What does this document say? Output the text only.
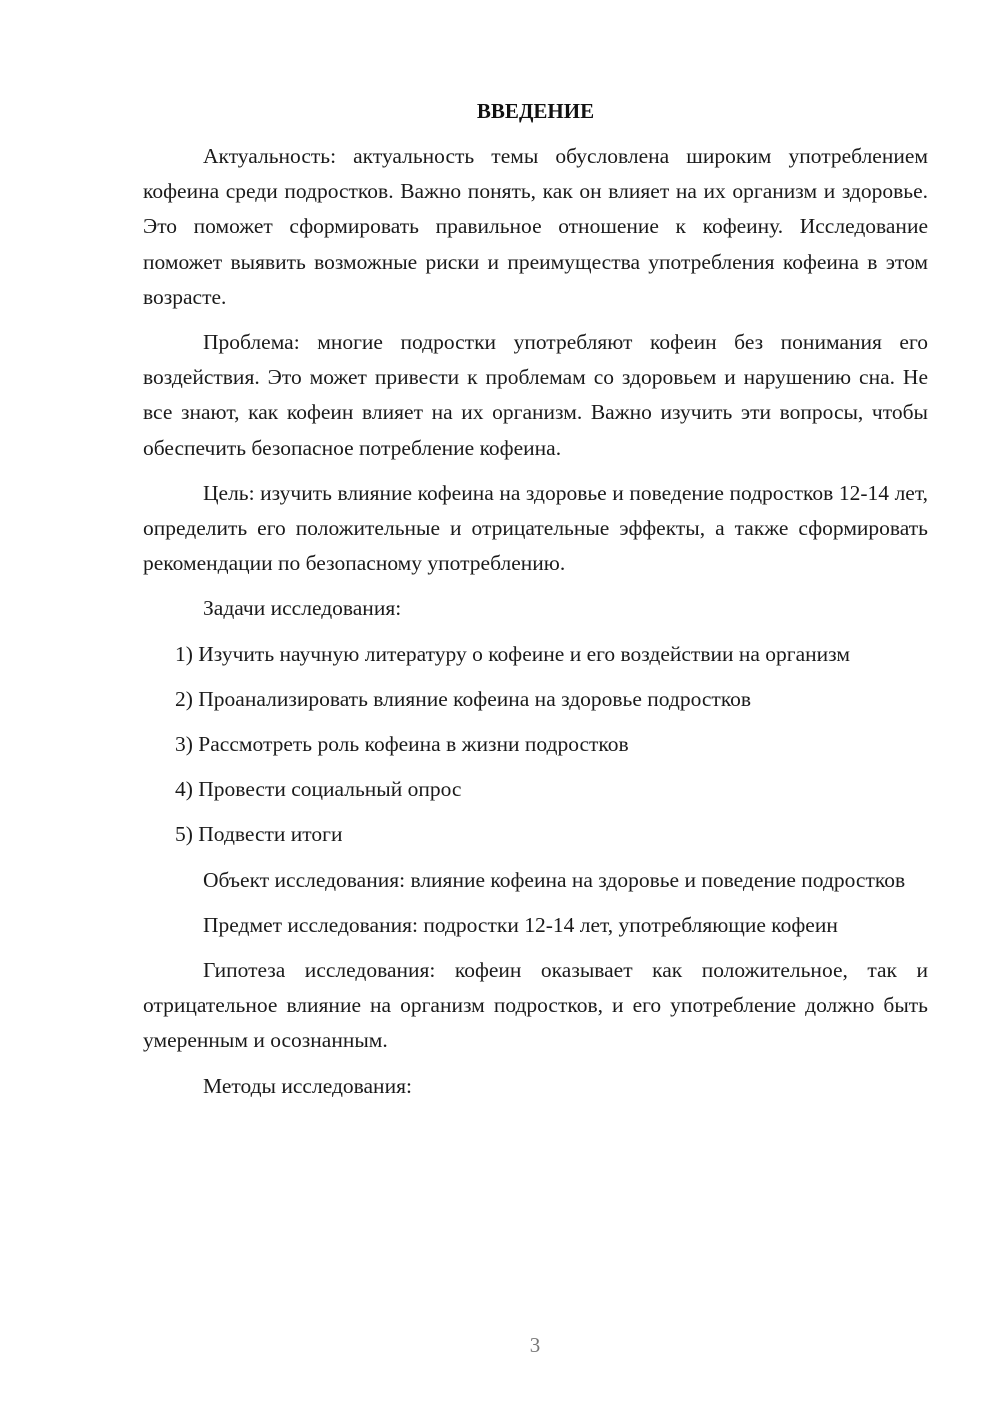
ВВЕДЕНИЕ

Актуальность: актуальность темы обусловлена широким употреблением кофеина среди подростков. Важно понять, как он влияет на их организм и здоровье. Это поможет сформировать правильное отношение к кофеину. Исследование поможет выявить возможные риски и преимущества употребления кофеина в этом возрасте.

Проблема: многие подростки употребляют кофеин без понимания его воздействия. Это может привести к проблемам со здоровьем и нарушению сна. Не все знают, как кофеин влияет на их организм. Важно изучить эти вопросы, чтобы обеспечить безопасное потребление кофеина.

Цель: изучить влияние кофеина на здоровье и поведение подростков 12-14 лет, определить его положительные и отрицательные эффекты, а также сформировать рекомендации по безопасному употреблению.

Задачи исследования:

1) Изучить научную литературу о кофеине и его воздействии на организм

2) Проанализировать влияние кофеина на здоровье подростков

3) Рассмотреть роль кофеина в жизни подростков

4) Провести социальный опрос

5) Подвести итоги

Объект исследования: влияние кофеина на здоровье и поведение подростков

Предмет исследования: подростки 12-14 лет, употребляющие кофеин

Гипотеза исследования: кофеин оказывает как положительное, так и отрицательное влияние на организм подростков, и его употребление должно быть умеренным и осознанным.

Методы исследования:

3
